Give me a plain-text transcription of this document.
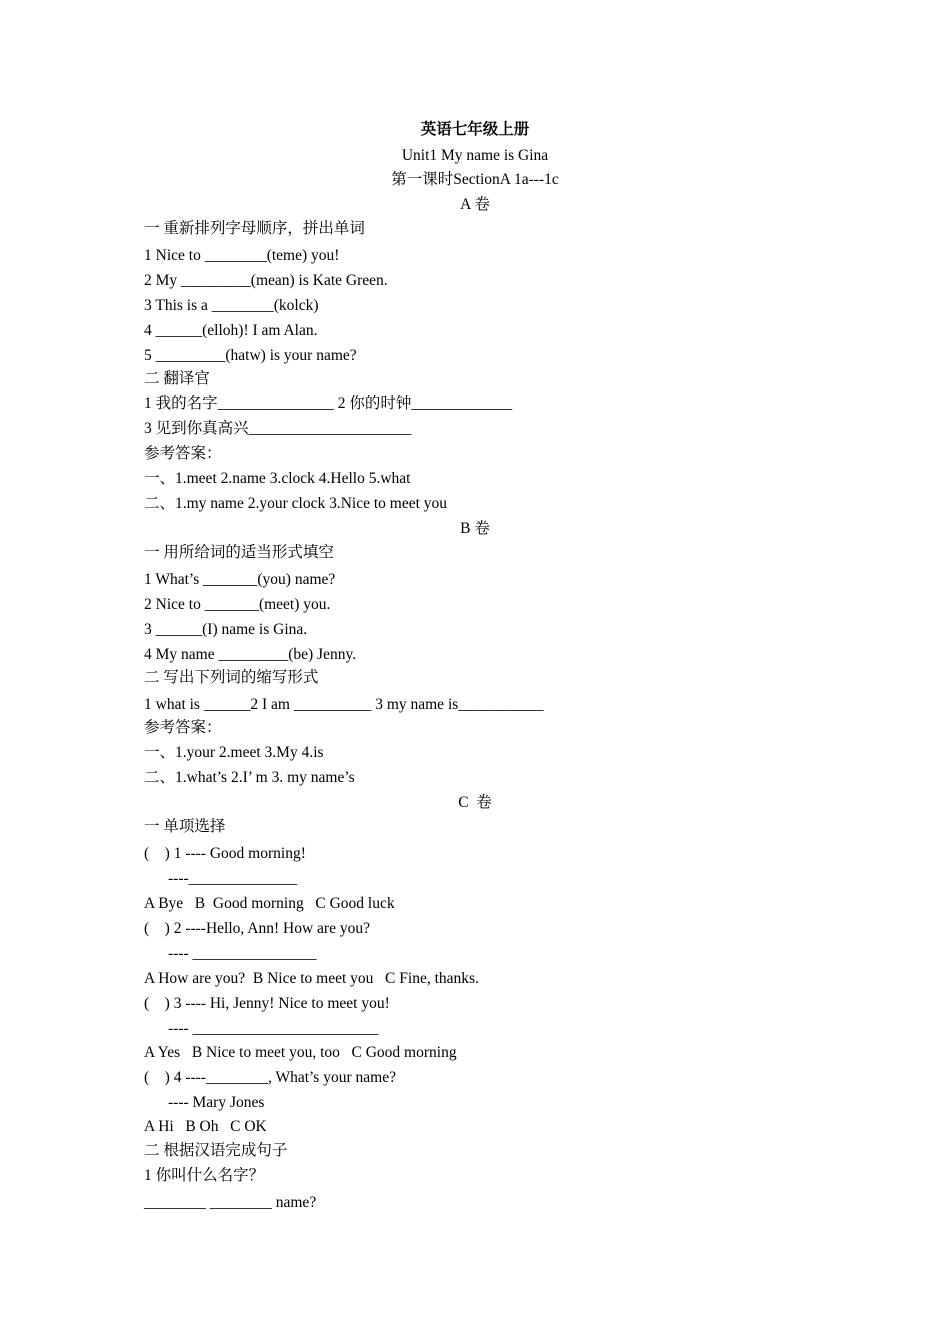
英语七年级上册
Unit1 My name is Gina
第一课时SectionA 1a---1c
A 卷
一 重新排列字母顺序，拼出单词
1 Nice to ________(teme) you!
2 My _________(mean) is Kate Green.
3 This is a ________(kolck)
4 ______(elloh)! I am Alan.
5 _________(hatw) is your name?
二 翻译官
1 我的名字_______________ 2 你的时钟_____________
3 见到你真高兴_____________________
参考答案：
一、1.meet 2.name 3.clock 4.Hello 5.what
二、1.my name 2.your clock 3.Nice to meet you
B 卷
一 用所给词的适当形式填空
1 What’s _______(you) name?
2 Nice to _______(meet) you.
3 ______(I) name is Gina.
4 My name _________(be) Jenny.
二 写出下列词的缩写形式
1 what is ______2 I am __________ 3 my name is___________
参考答案：
一、1.your 2.meet 3.My 4.is
二、1.what’s 2.I’ m 3. my name’s
C  卷
一 单项选择
(    ) 1 ---- Good morning!
----______________
A Bye   B  Good morning   C Good luck
(    ) 2 ----Hello, Ann! How are you?
---- ________________
A How are you?  B Nice to meet you   C Fine, thanks.
(    ) 3 ---- Hi, Jenny! Nice to meet you!
---- ________________________
A Yes   B Nice to meet you, too   C Good morning
(    ) 4 ----________, What’s your name?
---- Mary Jones
A Hi   B Oh   C OK
二 根据汉语完成句子
1 你叫什么名字？
________ ________ name?
